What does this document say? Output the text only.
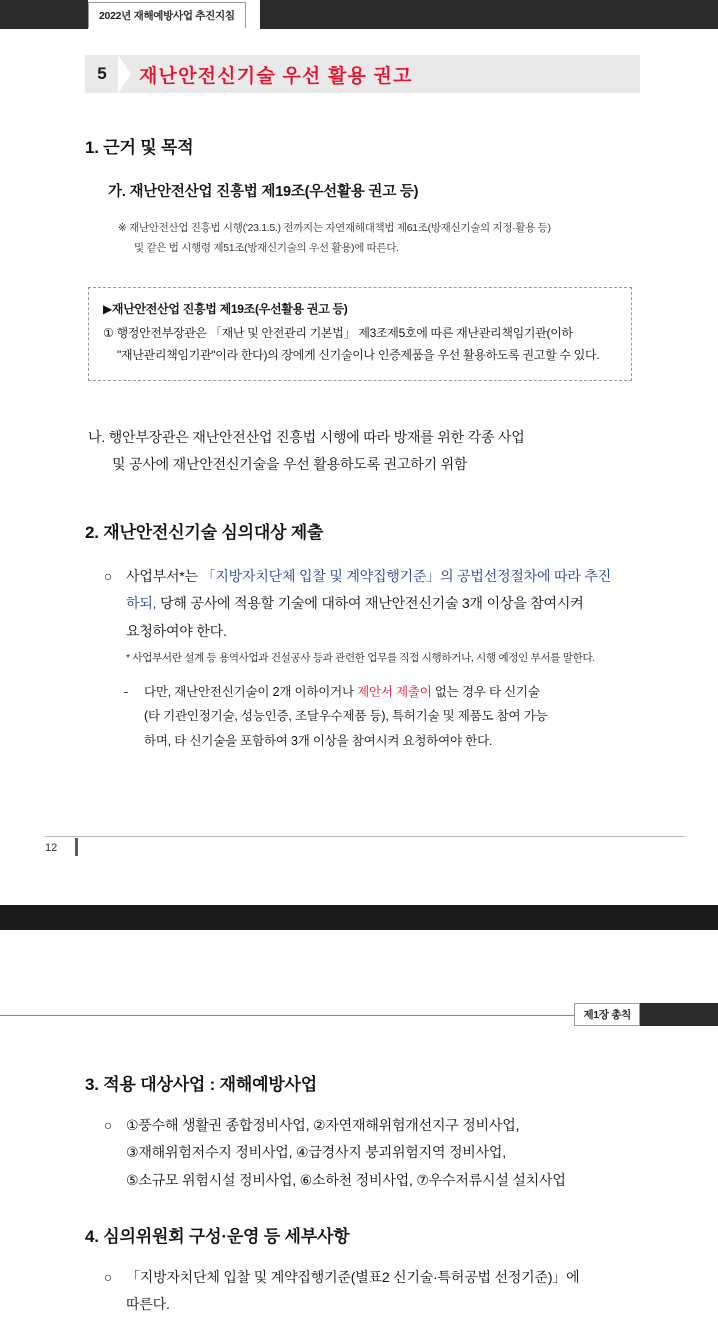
2022년 재해예방사업 추진지침
5	재난안전신기술 우선 활용 권고
1. 근거 및 목적
가. 재난안전산업 진흥법 제19조(우선활용 권고 등)
※ 재난안전산업 진흥법 시행('23.1.5.) 전까지는 자연재해대책법 제61조(방재신기술의 지정·활용 등)
및 같은 법 시행령 제51조(방재신기술의 우선 활용)에 따른다.
▶재난안전산업 진흥법 제19조(우선활용 권고 등)
① 행정안전부장관은 「재난 및 안전관리 기본법」 제3조제5호에 따른 재난관리책임기관(이하
"재난관리책임기관"이라 한다)의 장에게 신기술이나 인증제품을 우선 활용하도록 권고할 수 있다.
나. 행안부장관은 재난안전산업 진흥법 시행에 따라 방재를 위한 각종 사업
및 공사에 재난안전신기술을 우선 활용하도록 권고하기 위함
2. 재난안전신기술 심의대상 제출
○ 사업부서*는 「지방자치단체 입찰 및 계약집행기준」의 공법선정절차에 따라 추진
하되, 당해 공사에 적용할 기술에 대하여 재난안전신기술 3개 이상을 참여시켜
요청하여야 한다.
* 사업부서란 설계 등 용역사업과 건설공사 등과 관련한 업무를 직접 시행하거나, 시행 예정인 부서를 말한다.
-	다만, 재난안전신기술이 2개 이하이거나 제안서 제출이 없는 경우 타 신기술
(타 기관인정기술, 성능인증, 조달우수제품 등), 특허기술 및 제품도 참여 가능
하며, 타 신기술을 포함하여 3개 이상을 참여시켜 요청하여야 한다.
12
제1장 총칙
3. 적용 대상사업 : 재해예방사업
○ ①풍수해 생활권 종합정비사업, ②자연재해위험개선지구 정비사업,
③재해위험저수지 정비사업, ④급경사지 붕괴위험지역 정비사업,
⑤소규모 위험시설 정비사업, ⑥소하천 정비사업, ⑦우수저류시설 설치사업
4. 심의위원회 구성·운영 등 세부사항
○ 「지방자치단체 입찰 및 계약집행기준(별표2 신기술·특허공법 선정기준)」에
따른다.
